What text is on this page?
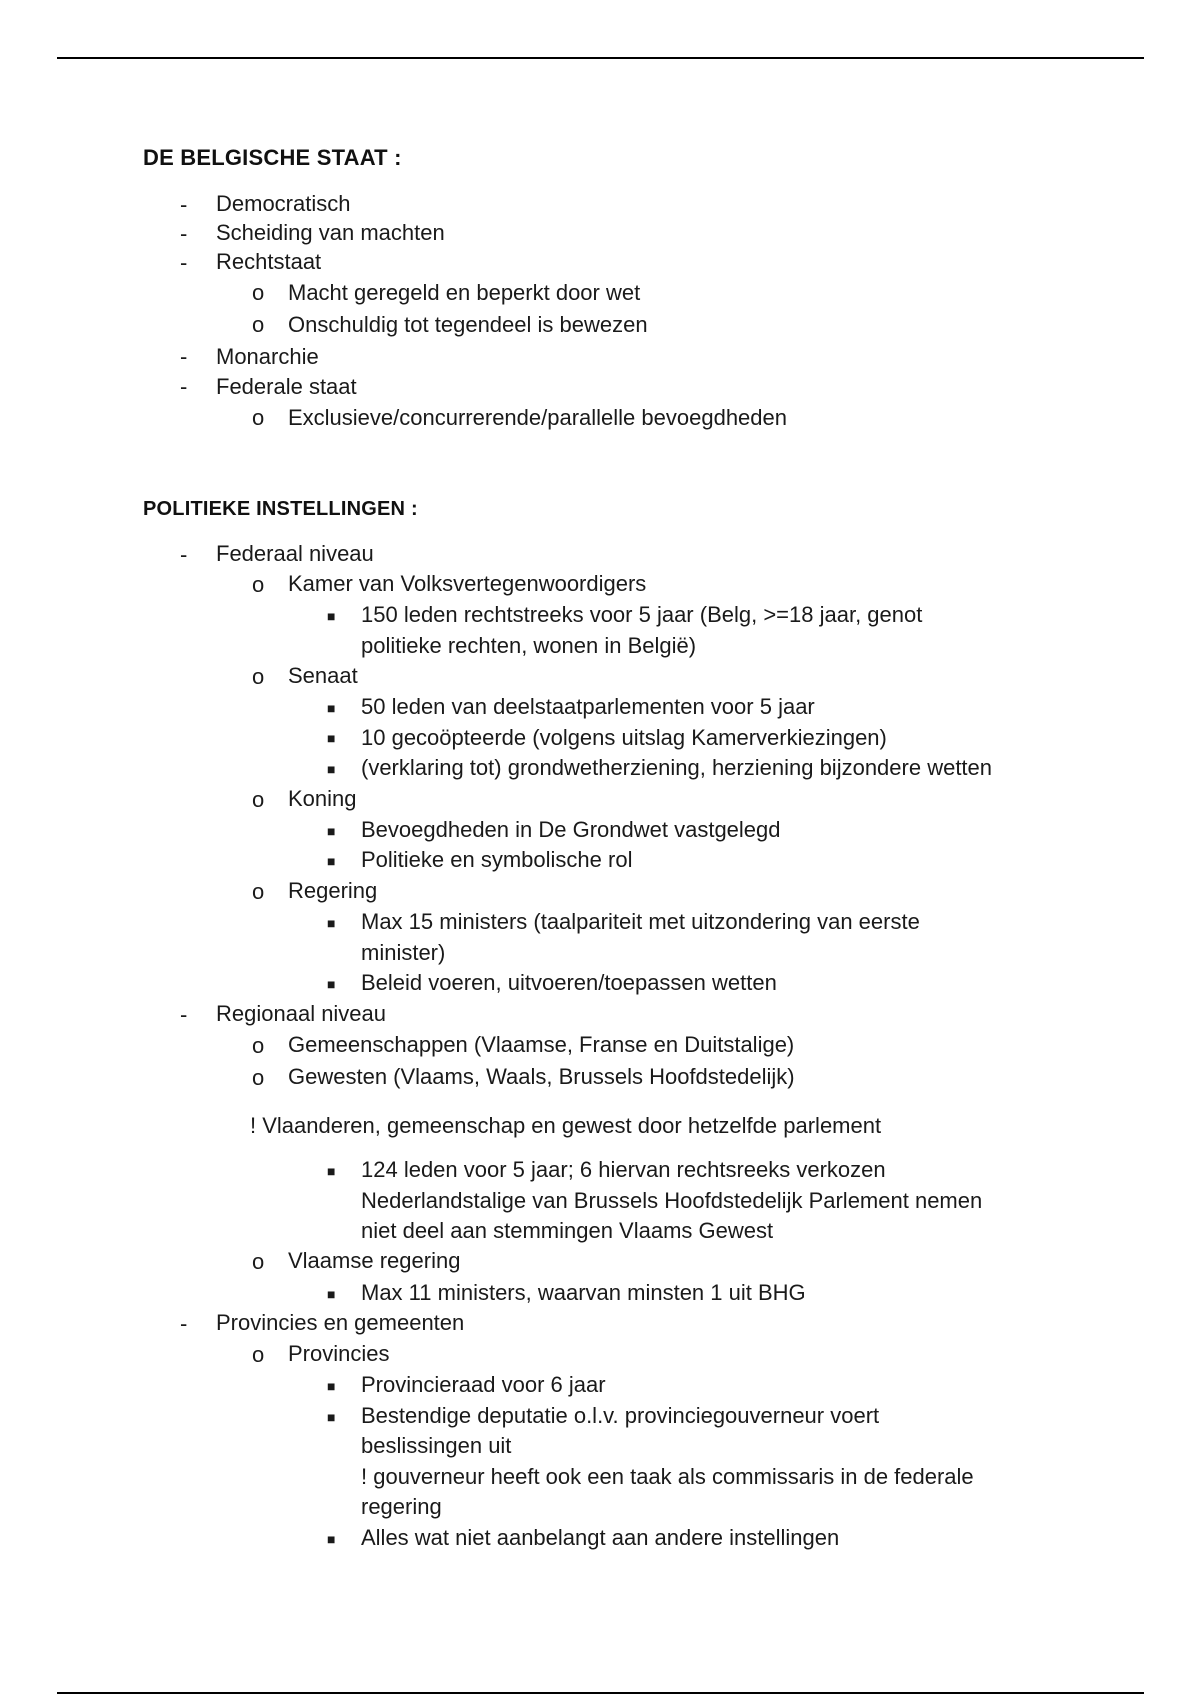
DE BELGISCHE STAAT :
-
-
-
o
o
-
-
o
Democratisch
Scheiding van machten
Rechtstaat
Macht geregeld en beperkt door wet
Onschuldig tot tegendeel is bewezen
Monarchie
Federale staat
Exclusieve/concurrerende/parallelle bevoegdheden
POLITIEKE INSTELLINGEN :
-
o
■
o
■
■
■
o
■
■
o
■
■
-
o
o
■
o
■
-
o
■
■
■
Federaal niveau
Kamer van Volksvertegenwoordigers
150 leden rechtstreeks voor 5 jaar (Belg, >=18 jaar, genot
politieke rechten, wonen in België)
Senaat
50 leden van deelstaatparlementen voor 5 jaar
10 gecoöpteerde (volgens uitslag Kamerverkiezingen)
(verklaring tot) grondwetherziening, herziening bijzondere wetten
Koning
Bevoegdheden in De Grondwet vastgelegd
Politieke en symbolische rol
Regering
Max 15 ministers (taalpariteit met uitzondering van eerste
minister)
Beleid voeren, uitvoeren/toepassen wetten
Regionaal niveau
Gemeenschappen (Vlaamse, Franse en Duitstalige)
Gewesten (Vlaams, Waals, Brussels Hoofdstedelijk)
! Vlaanderen, gemeenschap en gewest door hetzelfde parlement
124 leden voor 5 jaar; 6 hiervan rechtsreeks verkozen
Nederlandstalige van Brussels Hoofdstedelijk Parlement nemen
niet deel aan stemmingen Vlaams Gewest
Vlaamse regering
Max 11 ministers, waarvan minsten 1 uit BHG
Provincies en gemeenten
Provincies
Provincieraad voor 6 jaar
Bestendige deputatie o.l.v. provinciegouverneur voert
beslissingen uit
! gouverneur heeft ook een taak als commissaris in de federale
regering
Alles wat niet aanbelangt aan andere instellingen
